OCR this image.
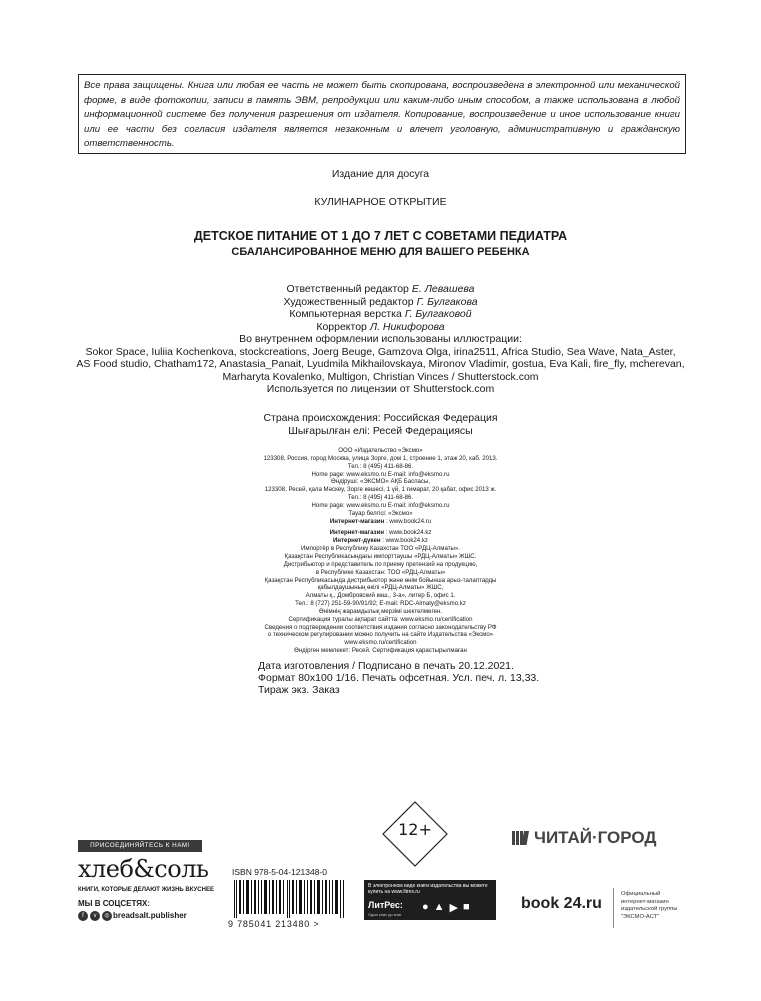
Все права защищены. Книга или любая ее часть не может быть скопирована, воспроизведена в электронной или механической форме, в виде фотокопии, записи в память ЭВМ, репродукции или каким-либо иным способом, а также использована в любой информационной системе без получения разрешения от издателя. Копирование, воспроизведение и иное использование книги или ее части без согласия издателя является незаконным и влечет уголовную, административную и гражданскую ответственность.
Издание для досуга
КУЛИНАРНОЕ ОТКРЫТИЕ
ДЕТСКОЕ ПИТАНИЕ ОТ 1 ДО 7 ЛЕТ С СОВЕТАМИ ПЕДИАТРА
СБАЛАНСИРОВАННОЕ МЕНЮ ДЛЯ ВАШЕГО РЕБЕНКА
Ответственный редактор Е. Левашева
Художественный редактор Г. Булгакова
Компьютерная верстка Г. Булгаковой
Корректор Л. Никифорова
Во внутреннем оформлении использованы иллюстрации:
Sokor Space, Iuliia Kochenkova, stockcreations, Joerg Beuge, Gamzova Olga, irina2511, Africa Studio, Sea Wave, Nata_Aster,
AS Food studio, Chatham172, Anastasia_Panait, Lyudmila Mikhailovskaya, Mironov Vladimir, gostua, Eva Kali, fire_fly, mcherevan,
Marharyta Kovalenko, Multigon, Christian Vinces / Shutterstock.com
Используется по лицензии от Shutterstock.com
Страна происхождения: Российская Федерация
Шығарылған елі: Ресей Федерациясы
ООО «Издательство «Эксмо»
123308, Россия, город Москва, улица Зорге, дом 1, строение 1, этаж 20, каб. 2013.
Тел.: 8 (495) 411-68-86.
Home page: www.eksmo.ru E-mail: info@eksmo.ru
Өндіруші: «ЭКСМО» АҚБ Баспасы,
123308, Ресей, қала Мәскеу, Зорге көшесі, 1 үй, 1 ғимарат, 20 қабат, офис 2013 ж.
Тел.: 8 (495) 411-68-86.
Home page: www.eksmo.ru E-mail: info@eksmo.ru
Тауар белгісі: «Эксмо»
Интернет-магазин : www.book24.ru
Интернет-магазин : www.book24.kz
Интернет-дүкен : www.book24.kz
Импортёр в Республику Казахстан ТОО «РДЦ-Алматы».
Қазақстан Республикасындағы импорттаушы «РДЦ-Алматы» ЖШС.
Дистрибьютор и представитель по приему претензий на продукцию,
в Республике Казахстан: ТОО «РДЦ-Алматы»
Қазақстан Республикасында дистрибьютор және өнім бойынша арыз-талаптарды
қабылдаушының өкілі «РДЦ-Алматы» ЖШС,
Алматы қ., Домбровский көш., 3-а», литер Б, офис 1.
Тел.: 8 (727) 251-59-90/91/92; E-mail: RDC-Almaty@eksmo.kz
Өнімнің жарамдылық мерзімі шектелмеген.
Сертификация туралы ақпарат сайтта: www.eksmo.ru/certification
Сведения о подтверждении соответствия издания согласно законодательству РФ
о техническом регулировании можно получить на сайте Издательства «Эксмо»
www.eksmo.ru/certification
Өндірген мемлекет: Ресей. Сертификация қарастырылмаған
Дата изготовления / Подписано в печать 20.12.2021.
Формат 80x100 1/16. Печать офсетная. Усл. печ. л. 13,33.
Тираж экз. Заказ
12+
ПРИСОЕДИНЯЙТЕСЬ К НАМ!
хлеб&соль
КНИГИ, КОТОРЫЕ ДЕЛАЮТ ЖИЗНЬ ВКУСНЕЕ
МЫ В СОЦСЕТЯХ:
f	v	◎ breadsalt.publisher
ISBN 978-5-04-121348-0
9 785041 213480 >
В электронном виде книги издательства вы можете
купить на www.litres.ru
ЛитРес:
Один клик до книг
● ▲ ▶ ■
ЧИТАЙ·ГОРОД
book 24.ru
Официальный
интернет-магазин
издательской группы
"ЭКСМО-АСТ"
